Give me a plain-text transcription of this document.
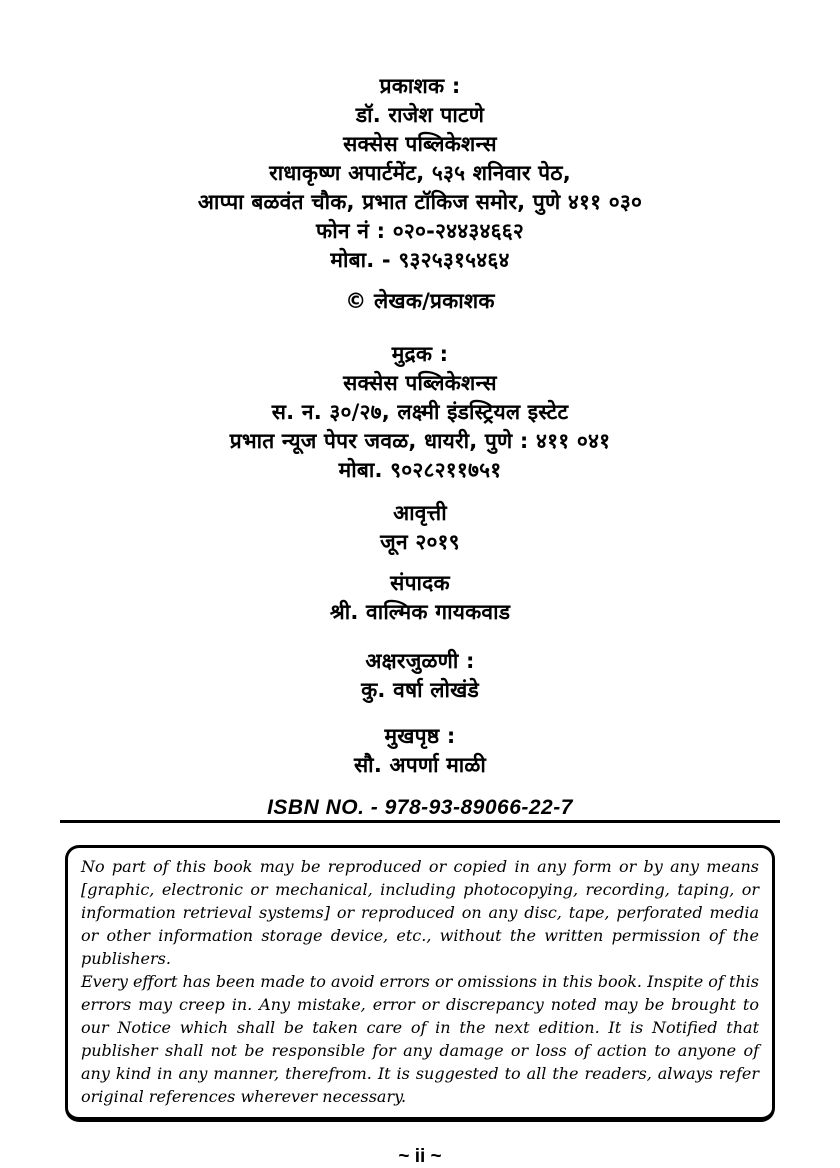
प्रकाशक :
डॉ. राजेश पाटणे
सक्सेस पब्लिकेशन्स
राधाकृष्ण अपार्टमेंट, ५३५ शनिवार पेठ,
आप्पा बळवंत चौक, प्रभात टॉकिज समोर, पुणे ४११ ०३०
फोन नं : ०२०-२४४३४६६२
मोबा. - ९३२५३१५४६४
© लेखक/प्रकाशक
मुद्रक :
सक्सेस पब्लिकेशन्स
स. न. ३०/२७, लक्ष्मी इंडस्ट्रियल इस्टेट
प्रभात न्यूज पेपर जवळ, धायरी, पुणे : ४११ ०४१
मोबा. ९०२८२११७५१
आवृत्ती
जून २०१९
संपादक
श्री. वाल्मिक गायकवाड
अक्षरजुळणी :
कु. वर्षा लोखंडे
मुखपृष्ठ :
सौ. अपर्णा माळी
ISBN NO. - 978-93-89066-22-7

No part of this book may be reproduced or copied in any form or by any means [graphic, electronic or mechanical, including photocopying, recording, taping, or information retrieval systems] or reproduced on any disc, tape, perforated media or other information storage device, etc., without the written permission of the publishers.

Every effort has been made to avoid errors or omissions in this book. Inspite of this errors may creep in. Any mistake, error or discrepancy noted may be brought to our Notice which shall be taken care of in the next edition. It is Notified that publisher shall not be responsible for any damage or loss of action to anyone of any kind in any manner, therefrom. It is suggested to all the readers, always refer original references wherever necessary.

~ ii ~
